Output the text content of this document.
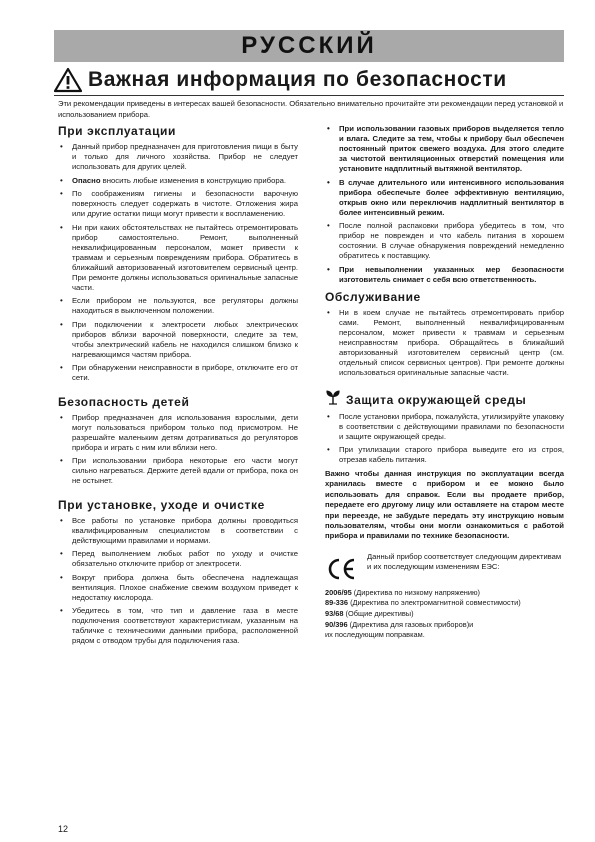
РУССКИЙ
Важная информация по безопасности

Эти рекомендации приведены в интересах вашей безопасности. Обязательно внимательно прочитайте эти рекомендации перед установкой и использованием прибора.

При эксплуатации
• Данный прибор предназначен для приготовления пищи в быту и только для личного хозяйства. Прибор не следует использовать для других целей.
• Опасно вносить любые изменения в конструкцию прибора.
• По соображениям гигиены и безопасности варочную поверхность следует содержать в чистоте. Отложения жира или другие остатки пищи могут привести к воспламенению.
• Ни при каких обстоятельствах не пытайтесь отремонтировать прибор самостоятельно. Ремонт, выполненный неквалифицированным персоналом, может привести к травмам и серьезным повреждениям прибора. Обратитесь в ближайший авторизованный изготовителем сервисный центр. При ремонте должны использоваться оригинальные запасные части.
• Если прибором не пользуются, все регуляторы должны находиться в выключенном положении.
• При подключении к электросети любых электрических приборов вблизи варочной поверхности, следите за тем, чтобы электрический кабель не находился слишком близко к нагревающимся частям прибора.
• При обнаружении неисправности в приборе, отключите его от сети.
Безопасность детей
• Прибор предназначен для использования взрослыми, дети могут пользоваться прибором только под присмотром. Не разрешайте маленьким детям дотрагиваться до регуляторов прибора и играть с ним или вблизи него.
• При использовании прибора некоторые его части могут сильно нагреваться. Держите детей вдали от прибора, пока он не остынет.
При установке, уходе и очистке
• Все работы по установке прибора должны проводиться квалифицированным специалистом в соответствии с действующими правилами и нормами.
• Перед выполнением любых работ по уходу и очистке обязательно отключите прибор от электросети.
• Вокруг прибора должна быть обеспечена надлежащая вентиляция. Плохое снабжение свежим воздухом приведет к недостатку кислорода.
• Убедитесь в том, что тип и давление газа в месте подключения соответствуют характеристикам, указанным на табличке с техническими данными прибора, расположенной рядом с отводом трубы для подключения газа.
• При использовании газовых приборов выделяется тепло и влага. Следите за тем, чтобы к прибору был обеспечен постоянный приток свежего воздуха. Для этого следите за чистотой вентиляционных отверстий помещения или установите надплитный вытяжной вентилятор.
• В случае длительного или интенсивного использования прибора обеспечьте более эффективную вентиляцию, открыв окно или переключив надплитный вентилятор в более интенсивный режим.
• После полной распаковки прибора убедитесь в том, что прибор не поврежден и что кабель питания в хорошем состоянии. В случае обнаружения повреждений немедленно обратитесь к поставщику.
• При невыполнении указанных мер безопасности изготовитель снимает с себя всю ответственность.
Обслуживание
• Ни в коем случае не пытайтесь отремонтировать прибор сами. Ремонт, выполненный неквалифицированным персоналом, может привести к травмам и серьезным неисправностям прибора. Обращайтесь в ближайший авторизованный изготовителем сервисный центр (см. отдельный список сервисных центров). При ремонте должны использоваться оригинальные запасные части.
Защита окружающей среды
• После установки прибора, пожалуйста, утилизируйте упаковку в соответствии с действующими правилами по безопасности и защите окружающей среды.
• При утилизации старого прибора выведите его из строя, отрезав кабель питания.

Важно чтобы данная инструкция по эксплуатации всегда хранилась вместе с прибором и ее можно было использовать для справок. Если вы продаете прибор, передаете его другому лицу или оставляете на старом месте при переезде, не забудьте передать эту инструкцию новым пользователям, чтобы они могли ознакомиться с работой прибора и правилами по технике безопасности.

Данный прибор соответствует следующим директивам и их последующим изменениям ЕЭС:

2006/95 (Директива по низкому напряжению)
89-336 (Директива по электромагнитной совместимости)
93/68 (Общие директивы)
90/396 (Директива для газовых приборов)и
их последующим поправкам.
12
